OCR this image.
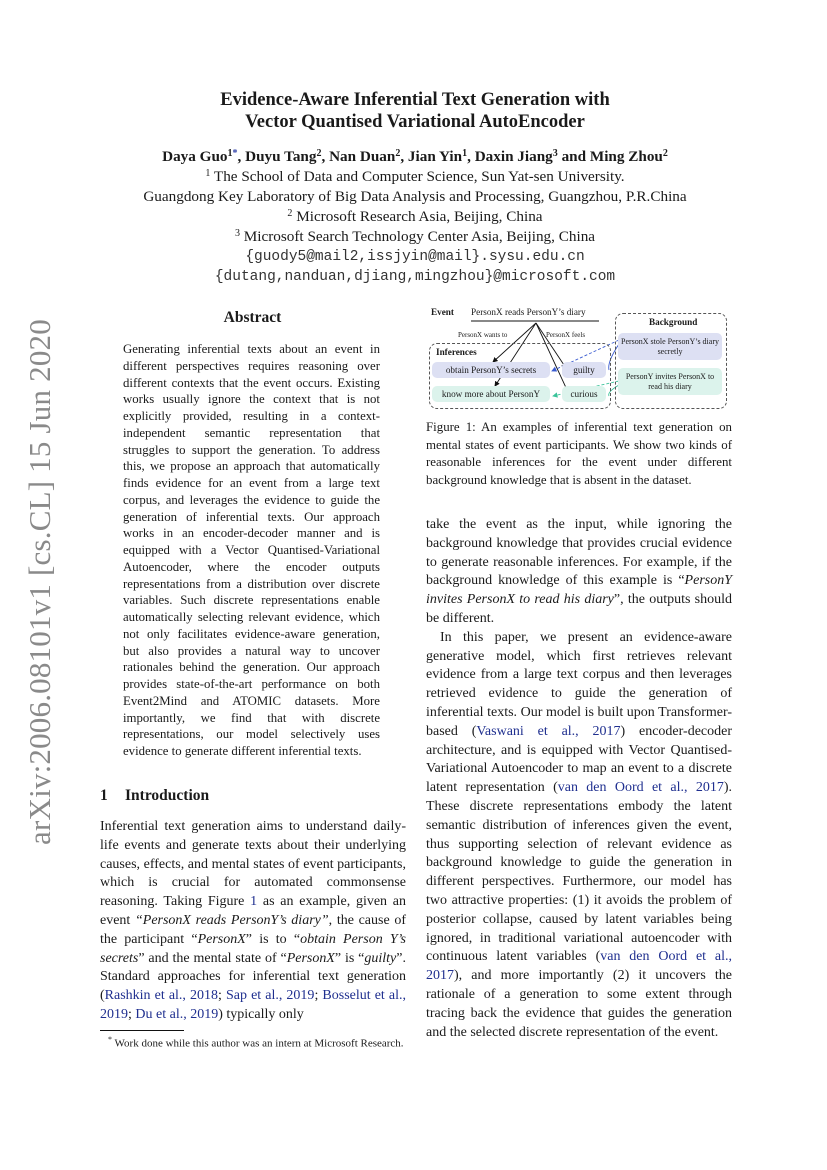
Evidence-Aware Inferential Text Generation with
Vector Quantised Variational AutoEncoder
Daya Guo$^{1*}$, Duyu Tang$^2$, Nan Duan$^2$, Jian Yin$^1$, Daxin Jiang$^3$ and Ming Zhou$^2$
$^1$ The School of Data and Computer Science, Sun Yat-sen University.
Guangdong Key Laboratory of Big Data Analysis and Processing, Guangzhou, P.R.China
$^2$ Microsoft Research Asia, Beijing, China
$^3$ Microsoft Search Technology Center Asia, Beijing, China
{guody5@mail2,issjyin@mail}.sysu.edu.cn
{dutang,nanduan,djiang,mingzhou}@microsoft.com
arXiv:2006.08101v1 [cs.CL] 15 Jun 2020
Abstract
Generating inferential texts about an event in different perspectives requires reasoning over different contexts that the event occurs. Existing works usually ignore the context that is not explicitly provided, resulting in a context-independent semantic representation that struggles to support the generation. To address this, we propose an approach that automatically finds evidence for an event from a large text corpus, and leverages the evidence to guide the generation of inferential texts. Our approach works in an encoder-decoder manner and is equipped with a Vector Quantised-Variational Autoencoder, where the encoder outputs representations from a distribution over discrete variables. Such discrete representations enable automatically selecting relevant evidence, which not only facilitates evidence-aware generation, but also provides a natural way to uncover rationales behind the generation. Our approach provides state-of-the-art performance on both Event2Mind and ATOMIC datasets. More importantly, we find that with discrete representations, our model selectively uses evidence to generate different inferential texts.
1 Introduction
Inferential text generation aims to understand daily-life events and generate texts about their underlying causes, effects, and mental states of event participants, which is crucial for automated commonsense reasoning. Taking Figure 1 as an example, given an event “PersonX reads PersonY’s diary”, the cause of the participant “PersonX” is to “obtain Person Y’s secrets” and the mental state of “PersonX” is “guilty”. Standard approaches for inferential text generation (Rashkin et al., 2018; Sap et al., 2019; Bosselut et al., 2019; Du et al., 2019) typically only
* Work done while this author was an intern at Microsoft Research.
Event PersonX reads PersonY’s diary
PersonX wants to	PersonX feels
Inferences
obtain PersonY’s secrets
know more about PersonY
guilty
curious
Background
PersonX stole PersonY’s diary secretly
PersonY invites PersonX to read his diary
Figure 1: An examples of inferential text generation on mental states of event participants. We show two kinds of reasonable inferences for the event under different background knowledge that is absent in the dataset.

take the event as the input, while ignoring the background knowledge that provides crucial evidence to generate reasonable inferences. For example, if the background knowledge of this example is “PersonY invites PersonX to read his diary”, the outputs should be different.

In this paper, we present an evidence-aware generative model, which first retrieves relevant evidence from a large text corpus and then leverages retrieved evidence to guide the generation of inferential texts. Our model is built upon Transformer-based (Vaswani et al., 2017) encoder-decoder architecture, and is equipped with Vector Quantised-Variational Autoencoder to map an event to a discrete latent representation (van den Oord et al., 2017). These discrete representations embody the latent semantic distribution of inferences given the event, thus supporting selection of relevant evidence as background knowledge to guide the generation in different perspectives. Furthermore, our model has two attractive properties: (1) it avoids the problem of posterior collapse, caused by latent variables being ignored, in traditional variational autoencoder with continuous latent variables (van den Oord et al., 2017), and more importantly (2) it uncovers the rationale of a generation to some extent through tracing back the evidence that guides the generation and the selected discrete representation of the event.
